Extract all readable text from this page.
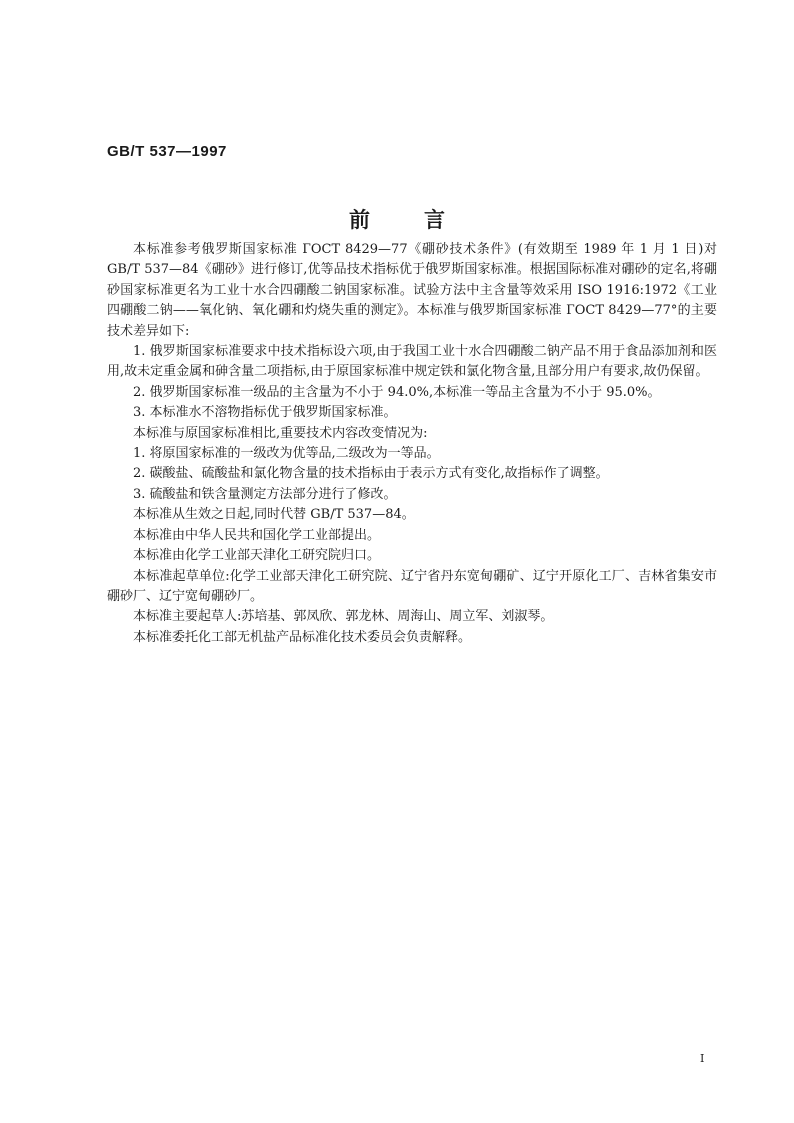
GB/T 537—1997
前言

本标准参考俄罗斯国家标准 ГОСТ 8429—77《硼砂技术条件》(有效期至 1989 年 1 月 1 日)对 GB/T 537—84《硼砂》进行修订,优等品技术指标优于俄罗斯国家标准。根据国际标准对硼砂的定名,将硼砂国家标准更名为工业十水合四硼酸二钠国家标准。试验方法中主含量等效采用 ISO 1916:1972《工业四硼酸二钠——氧化钠、氧化硼和灼烧失重的测定》。本标准与俄罗斯国家标准 ГОСТ 8429—77°的主要技术差异如下:

1. 俄罗斯国家标准要求中技术指标设六项,由于我国工业十水合四硼酸二钠产品不用于食品添加剂和医用,故未定重金属和砷含量二项指标,由于原国家标准中规定铁和氯化物含量,且部分用户有要求,故仍保留。

2. 俄罗斯国家标准一级品的主含量为不小于 94.0%,本标准一等品主含量为不小于 95.0%。

3. 本标准水不溶物指标优于俄罗斯国家标准。

本标准与原国家标准相比,重要技术内容改变情况为:

1. 将原国家标准的一级改为优等品,二级改为一等品。

2. 碳酸盐、硫酸盐和氯化物含量的技术指标由于表示方式有变化,故指标作了调整。

3. 硫酸盐和铁含量测定方法部分进行了修改。

本标准从生效之日起,同时代替 GB/T 537—84。

本标准由中华人民共和国化学工业部提出。

本标准由化学工业部天津化工研究院归口。

本标准起草单位:化学工业部天津化工研究院、辽宁省丹东宽甸硼矿、辽宁开原化工厂、吉林省集安市硼砂厂、辽宁宽甸硼砂厂。

本标准主要起草人:苏培基、郭凤欣、郭龙林、周海山、周立军、刘淑琴。

本标准委托化工部无机盐产品标准化技术委员会负责解释。

I
